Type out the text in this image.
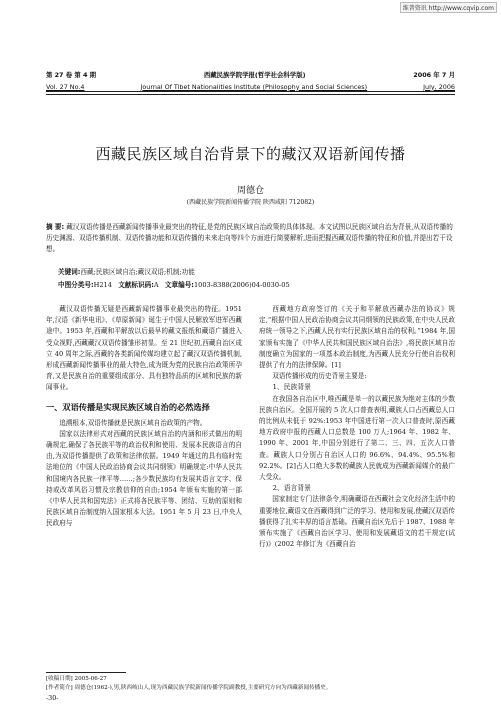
维普资讯 http://www.cqvip.com
第 27 卷 第 4 期	西藏民族学院学报(哲学社会科学版)	2006 年 7 月
Vol. 27 No.4	Journal Of Tibet Nationalities Institute (Philosophy and Social Sciences)	July, 2006
西藏民族区域自治背景下的藏汉双语新闻传播
周德仓
(西藏民族学院新闻传播学院 陕西咸阳 712082)
摘 要: 藏汉双语传播是西藏新闻传播事业最突出的特征,是党的民族区域自治政策的具体体现。本文试图以民族区域自治为背景,从双语传播的历史渊源、双语传播机制、双语传播功能和双语传播的未来走向等四个方面进行简要解析,进而把握西藏双语传播的特征和价值,并提出若干设想。
关键词:西藏;民族区域自治;藏汉双语;机制;功能
中图分类号:H214 文献标识码:A 文章编号:1003-8388(2006)04-0030-05

藏汉双语传播无疑是西藏新闻传播事业最突出的特征。1951 年,汉语《新华电讯》、《草原新闻》诞生于中国人民解放军进军西藏途中。1953 年,西藏和平解放以后最早的藏文报纸和藏语广播进入受众视野,西藏藏汉双语传播雏形初显。至 21 世纪初,西藏自治区成立 40 周年之际,西藏的各类新闻传媒均建立起了藏汉双语传播机制,形成西藏新闻传播事业的最大特色,成为既为党的民族自治政策所孕育,又是民族自治的重要组成部分、具有独特品质的区域和民族的新闻事业。

一、双语传播是实现民族区域自治的必然选择

追溯根本,双语传播就是民族区域自治政策的产物。

国家以法律形式对西藏的民族区域自治的内涵和形式做出的明确规定,确保了各民族平等的政治权利和使用、发展本民族语言的自由,为双语传播提供了政策和法律依据。1949 年通过的具有临时宪法地位的《中国人民政治协商会议共同纲领》明确规定:中华人民共和国境内各民族一律平等……;各少数民族均有发展其语言文字、保持或改革风俗习惯及宗教信仰的自由;1954 年颁布实施的第一部《中华人民共和国宪法》正式将各民族平等、团结、互助的原则和民族区域自治制度纳入国家根本大法。1951 年 5 月 23 日,中央人民政府与

西藏地方政府签订的《关于和平解放西藏办法的协议》规定,“根据中国人民政治协商会议共同纲领的民族政策,在中央人民政府统一领导之下,西藏人民有实行民族区域自治的权利。”1984 年,国家颁布实施了《中华人民共和国民族区域自治法》,将民族区域自治制度确立为国家的一项基本政治制度,为西藏人民充分行使自治权利提供了有力的法律保障。[1]

双语传播形成的历史背景主要是:

1、民族背景

在我国各自治区中,唯西藏是单一的以藏民族为绝对主体的少数民族自治区。全国开展的 5 次人口普查表明,藏族人口占西藏总人口的比例从未低于 92%:1953 年中国进行第一次人口普查时,原西藏地方政府申报的西藏人口总数是 100 万人;1964 年、1982 年、1990 年、2001 年,中国分别进行了第二、三、四、五次人口普查。藏族人口分别占自治区人口的 96.6%、94.4%、95.5%和 92.2%。[2]占人口绝大多数的藏族人民就成为西藏新闻媒介的最广大受众。

2、语言背景

国家制定专门法律条令,明确藏语在西藏社会文化经济生活中的重要地位,藏语文在西藏得到广泛的学习、使用和发展,使藏汉双语传播获得了扎实丰厚的语言基础。西藏自治区先后于 1987、1988 年颁布实施了《西藏自治区学习、使用和发展藏语文的若干规定(试行)》(2002 年修订为《西藏自治

[收稿日期] 2005-06-27
[作者简介] 周德仓(1962-),男,陕西岐山人,现为西藏民族学院新闻传播学院副教授,主要研究方向为西藏新闻传播史。
-30-
